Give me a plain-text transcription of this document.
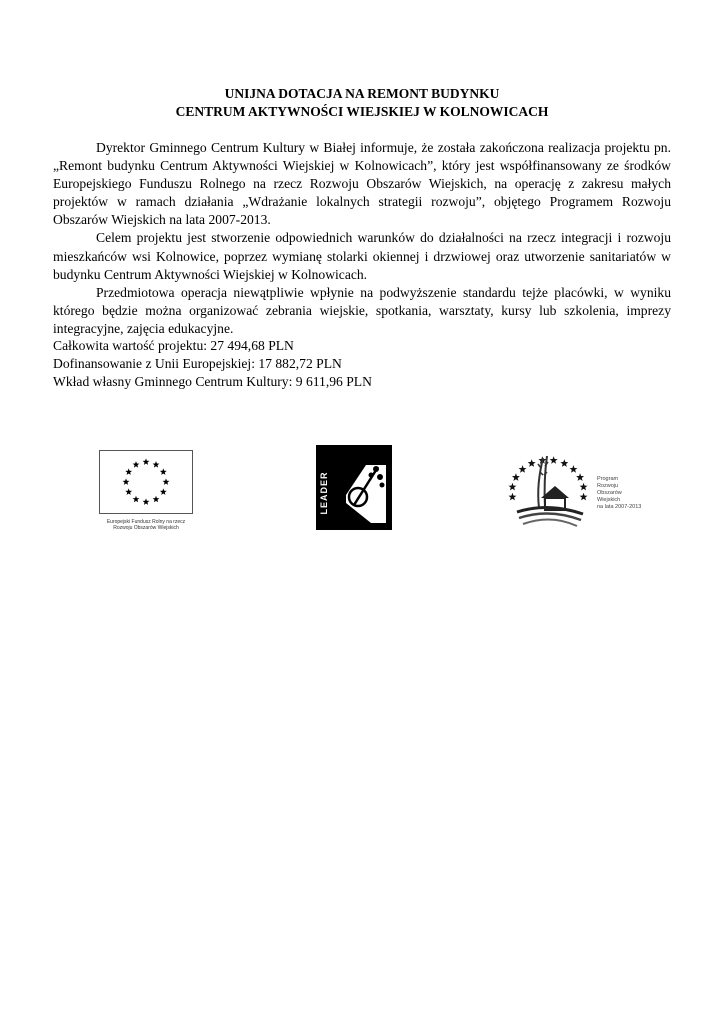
UNIJNA DOTACJA NA REMONT BUDYNKU
CENTRUM AKTYWNOŚCI WIEJSKIEJ W KOLNOWICACH

Dyrektor Gminnego Centrum Kultury w Białej informuje, że została zakończona realizacja projektu pn. „Remont budynku Centrum Aktywności Wiejskiej w Kolnowicach”, który jest współfinansowany ze środków Europejskiego Funduszu Rolnego na rzecz Rozwoju Obszarów Wiejskich, na operację z zakresu małych projektów w ramach działania „Wdrażanie lokalnych strategii rozwoju”, objętego Programem Rozwoju Obszarów Wiejskich na lata 2007-2013.

Celem projektu jest stworzenie odpowiednich warunków do działalności na rzecz integracji i rozwoju mieszkańców wsi Kolnowice, poprzez wymianę stolarki okiennej i drzwiowej oraz utworzenie sanitariatów w budynku Centrum Aktywności Wiejskiej w Kolnowicach.

Przedmiotowa operacja niewątpliwie wpłynie na podwyższenie standardu tejże placówki, w wyniku którego będzie można organizować zebrania wiejskie, spotkania, warsztaty, kursy lub szkolenia, imprezy integracyjne, zajęcia edukacyjne.

Całkowita wartość projektu: 27 494,68 PLN
Dofinansowanie z Unii Europejskiej: 17 882,72 PLN
Wkład własny Gminnego Centrum Kultury: 9 611,96 PLN
Europejski Fundusz Rolny na rzecz
Rozwoju Obszarów Wiejskich
LEADER	Program
Rozwoju
Obszarów
Wiejskich
na lata 2007-2013
